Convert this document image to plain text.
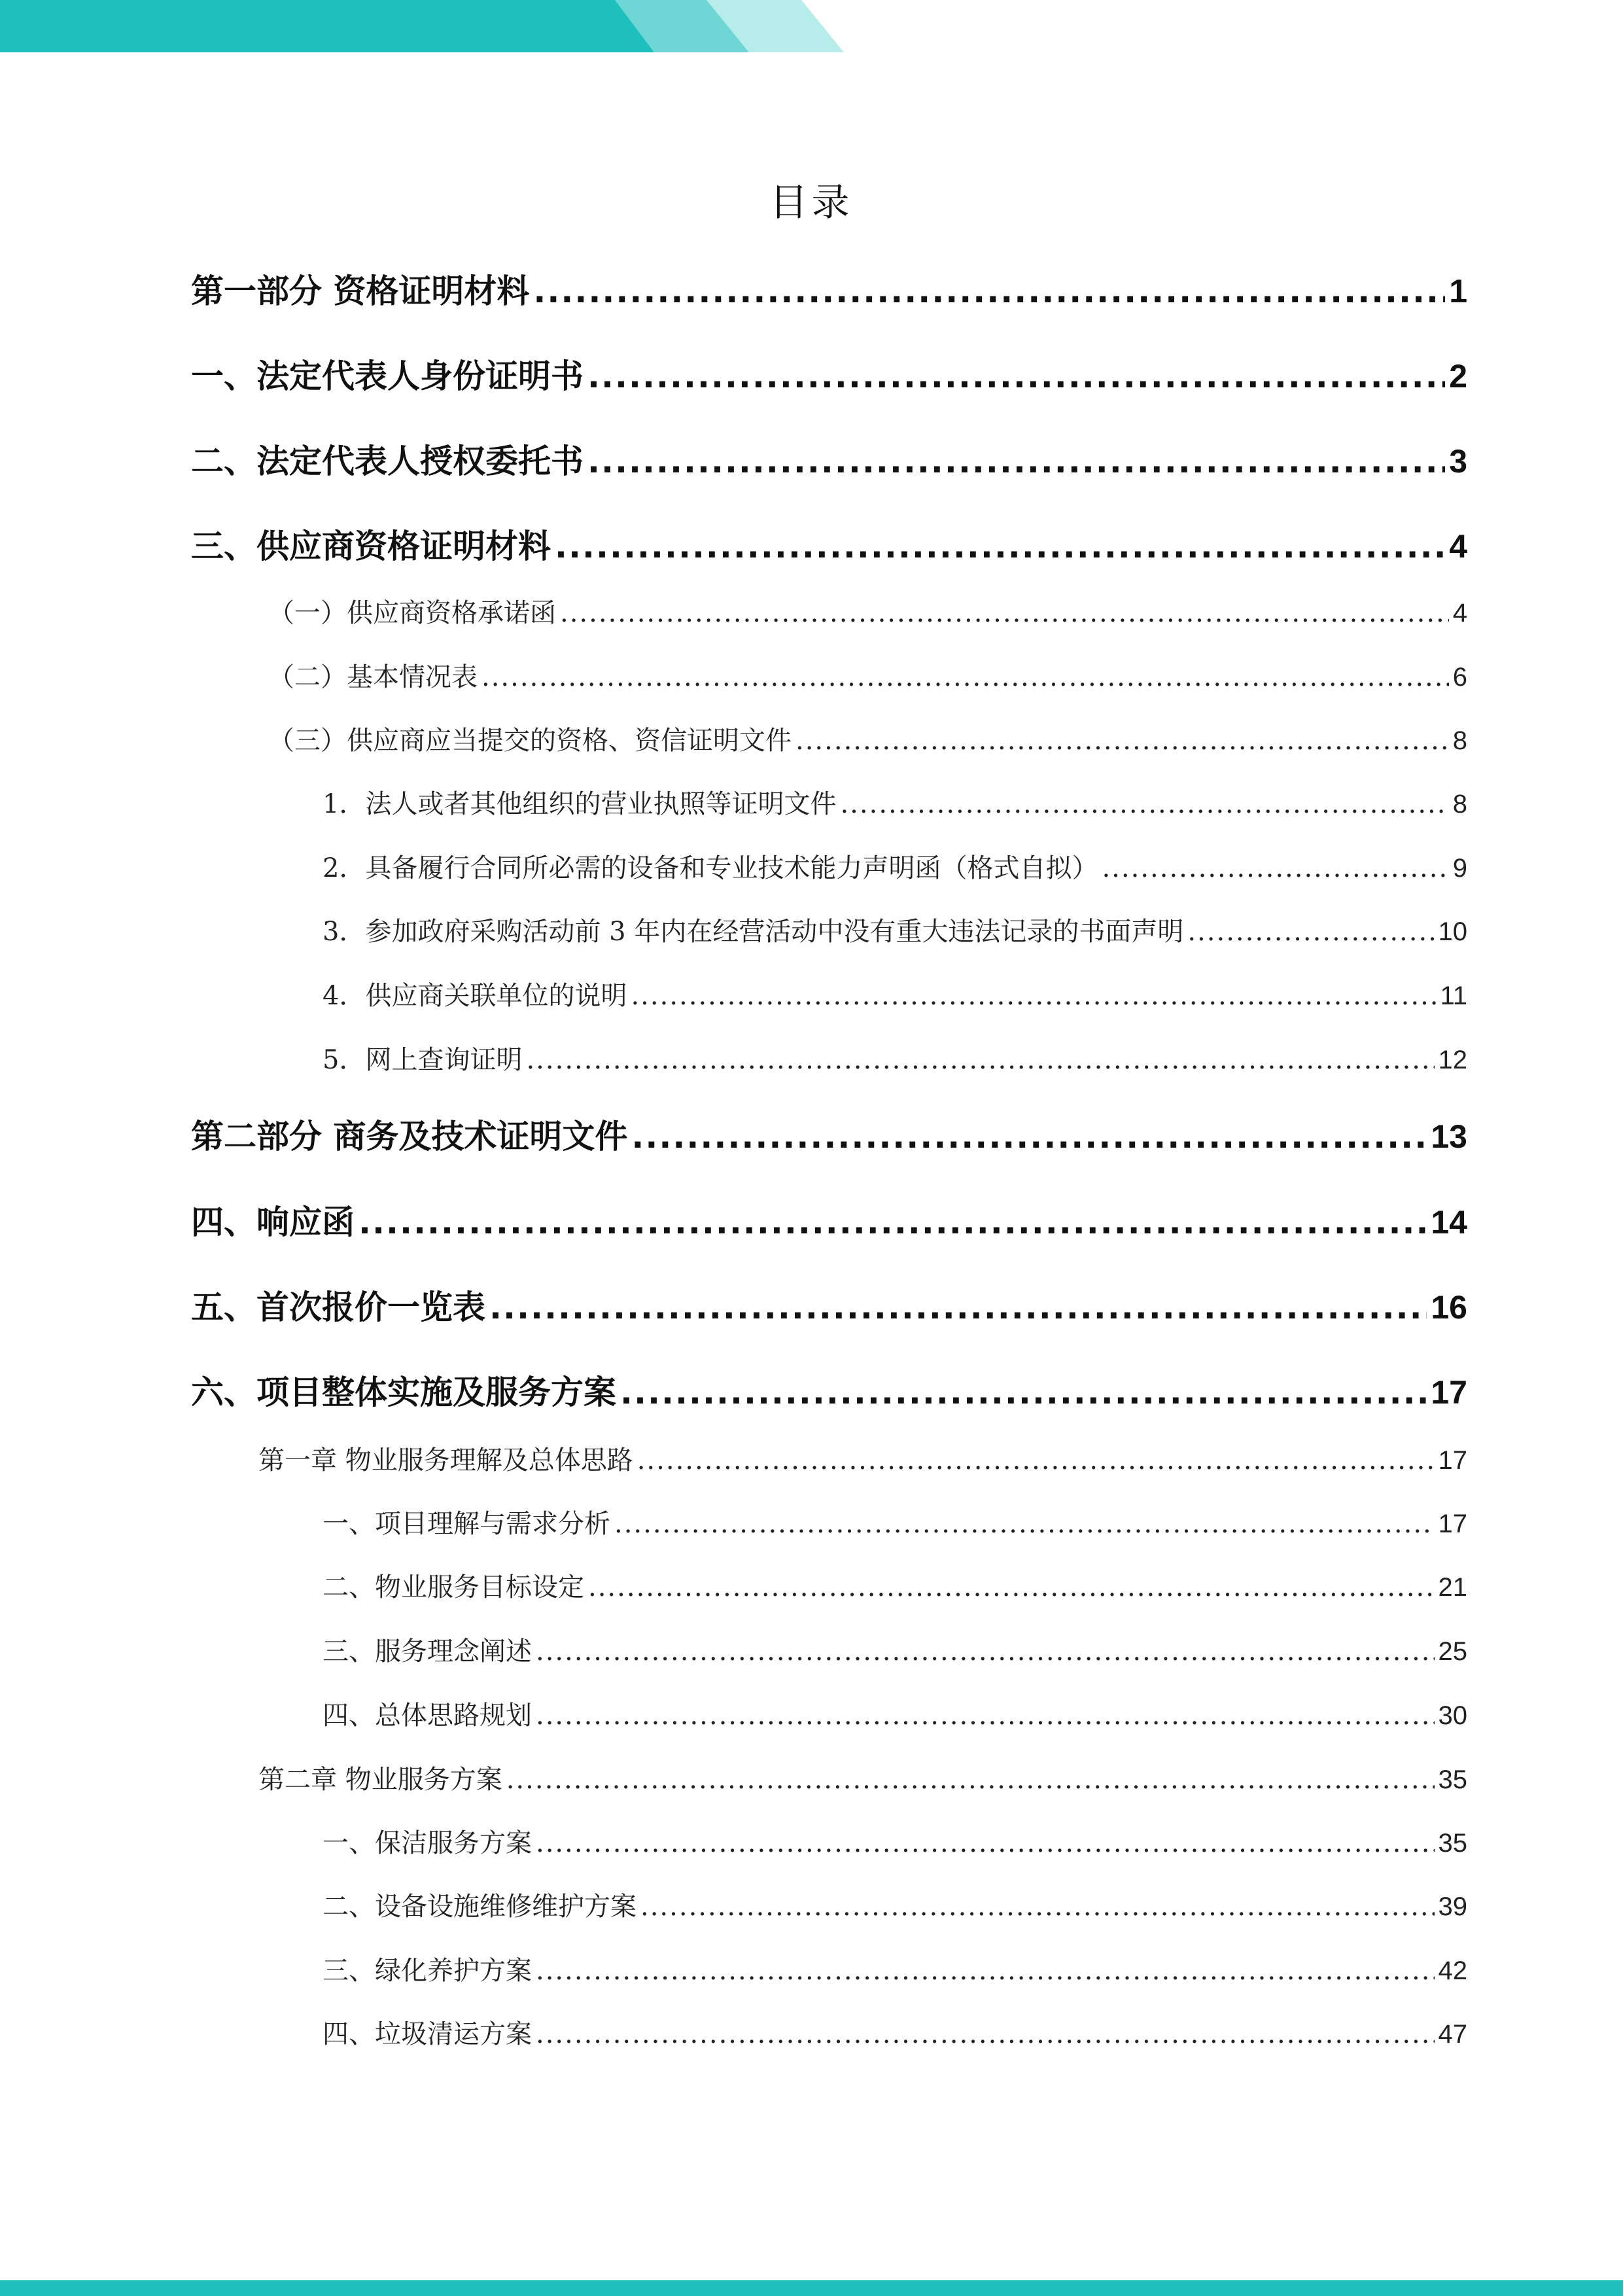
目录
第一部分 资格证明材料 .....	1
一、法定代表人身份证明书 .....	2
二、法定代表人授权委托书 .....	3
三、供应商资格证明材料 .....	4
（一）供应商资格承诺函 .....	4
（二）基本情况表 .....	6
（三）供应商应当提交的资格、资信证明文件 .....	8
1．法人或者其他组织的营业执照等证明文件 .....	8
2．具备履行合同所必需的设备和专业技术能力声明函（格式自拟） .....	9
3．参加政府采购活动前 3 年内在经营活动中没有重大违法记录的书面声明 .....	10
4．供应商关联单位的说明 .....	11
5．网上查询证明 .....	12
第二部分 商务及技术证明文件 .....	13
四、响应函 .....	14
五、首次报价一览表 .....	16
六、项目整体实施及服务方案 .....	17
第一章 物业服务理解及总体思路 .....	17
一、项目理解与需求分析 .....	17
二、物业服务目标设定 .....	21
三、服务理念阐述 .....	25
四、总体思路规划 .....	30
第二章 物业服务方案 .....	35
一、保洁服务方案 .....	35
二、设备设施维修维护方案 .....	39
三、绿化养护方案 .....	42
四、垃圾清运方案 .....	47
